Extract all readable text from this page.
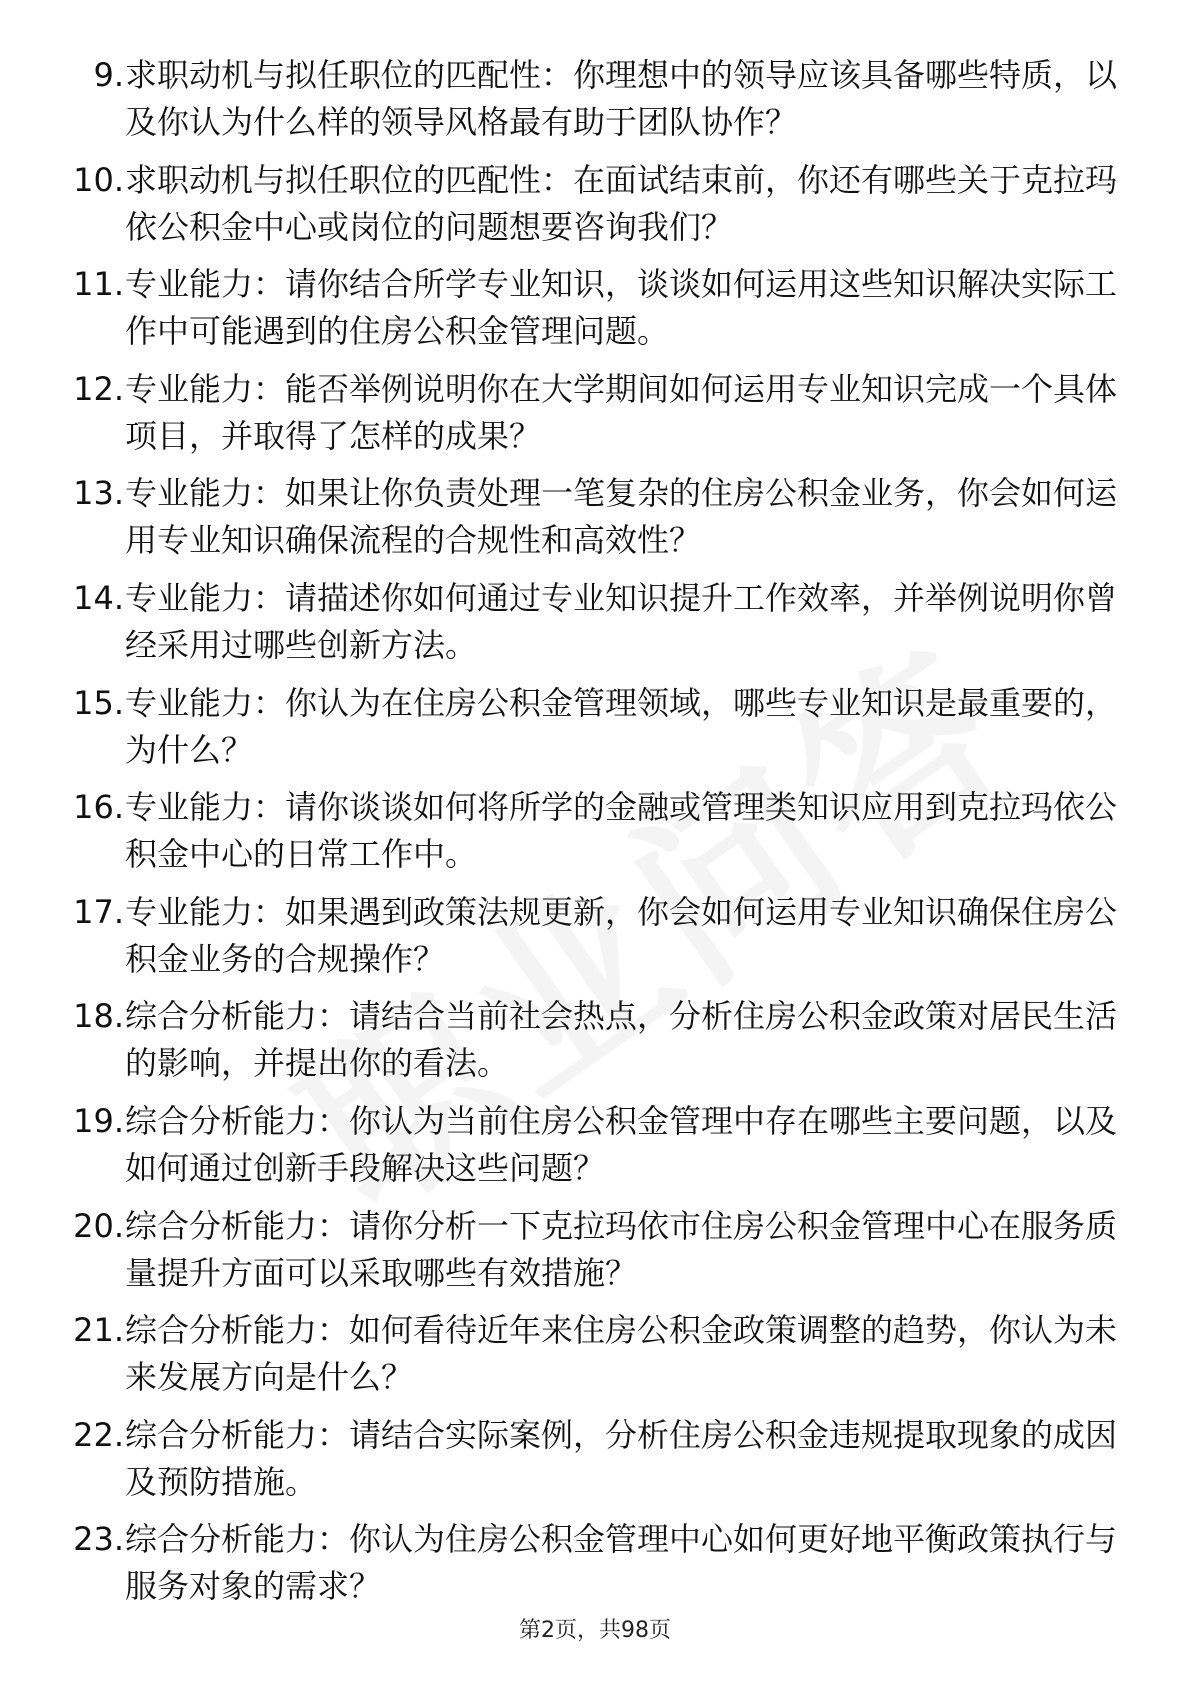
9. 求职动机与拟任职位的匹配性：你理想中的领导应该具备哪些特质，以及你认为什么样的领导风格最有助于团队协作？
10. 求职动机与拟任职位的匹配性：在面试结束前，你还有哪些关于克拉玛依公积金中心或岗位的问题想要咨询我们？
11. 专业能力：请你结合所学专业知识，谈谈如何运用这些知识解决实际工作中可能遇到的住房公积金管理问题。
12. 专业能力：能否举例说明你在大学期间如何运用专业知识完成一个具体项目，并取得了怎样的成果？
13. 专业能力：如果让你负责处理一笔复杂的住房公积金业务，你会如何运用专业知识确保流程的合规性和高效性？
14. 专业能力：请描述你如何通过专业知识提升工作效率，并举例说明你曾经采用过哪些创新方法。
15. 专业能力：你认为在住房公积金管理领域，哪些专业知识是最重要的，为什么？
16. 专业能力：请你谈谈如何将所学的金融或管理类知识应用到克拉玛依公积金中心的日常工作中。
17. 专业能力：如果遇到政策法规更新，你会如何运用专业知识确保住房公积金业务的合规操作？
18. 综合分析能力：请结合当前社会热点，分析住房公积金政策对居民生活的影响，并提出你的看法。
19. 综合分析能力：你认为当前住房公积金管理中存在哪些主要问题，以及如何通过创新手段解决这些问题？
20. 综合分析能力：请你分析一下克拉玛依市住房公积金管理中心在服务质量提升方面可以采取哪些有效措施？
21. 综合分析能力：如何看待近年来住房公积金政策调整的趋势，你认为未来发展方向是什么？
22. 综合分析能力：请结合实际案例，分析住房公积金违规提取现象的成因及预防措施。
23. 综合分析能力：你认为住房公积金管理中心如何更好地平衡政策执行与服务对象的需求？
第2页，共98页
